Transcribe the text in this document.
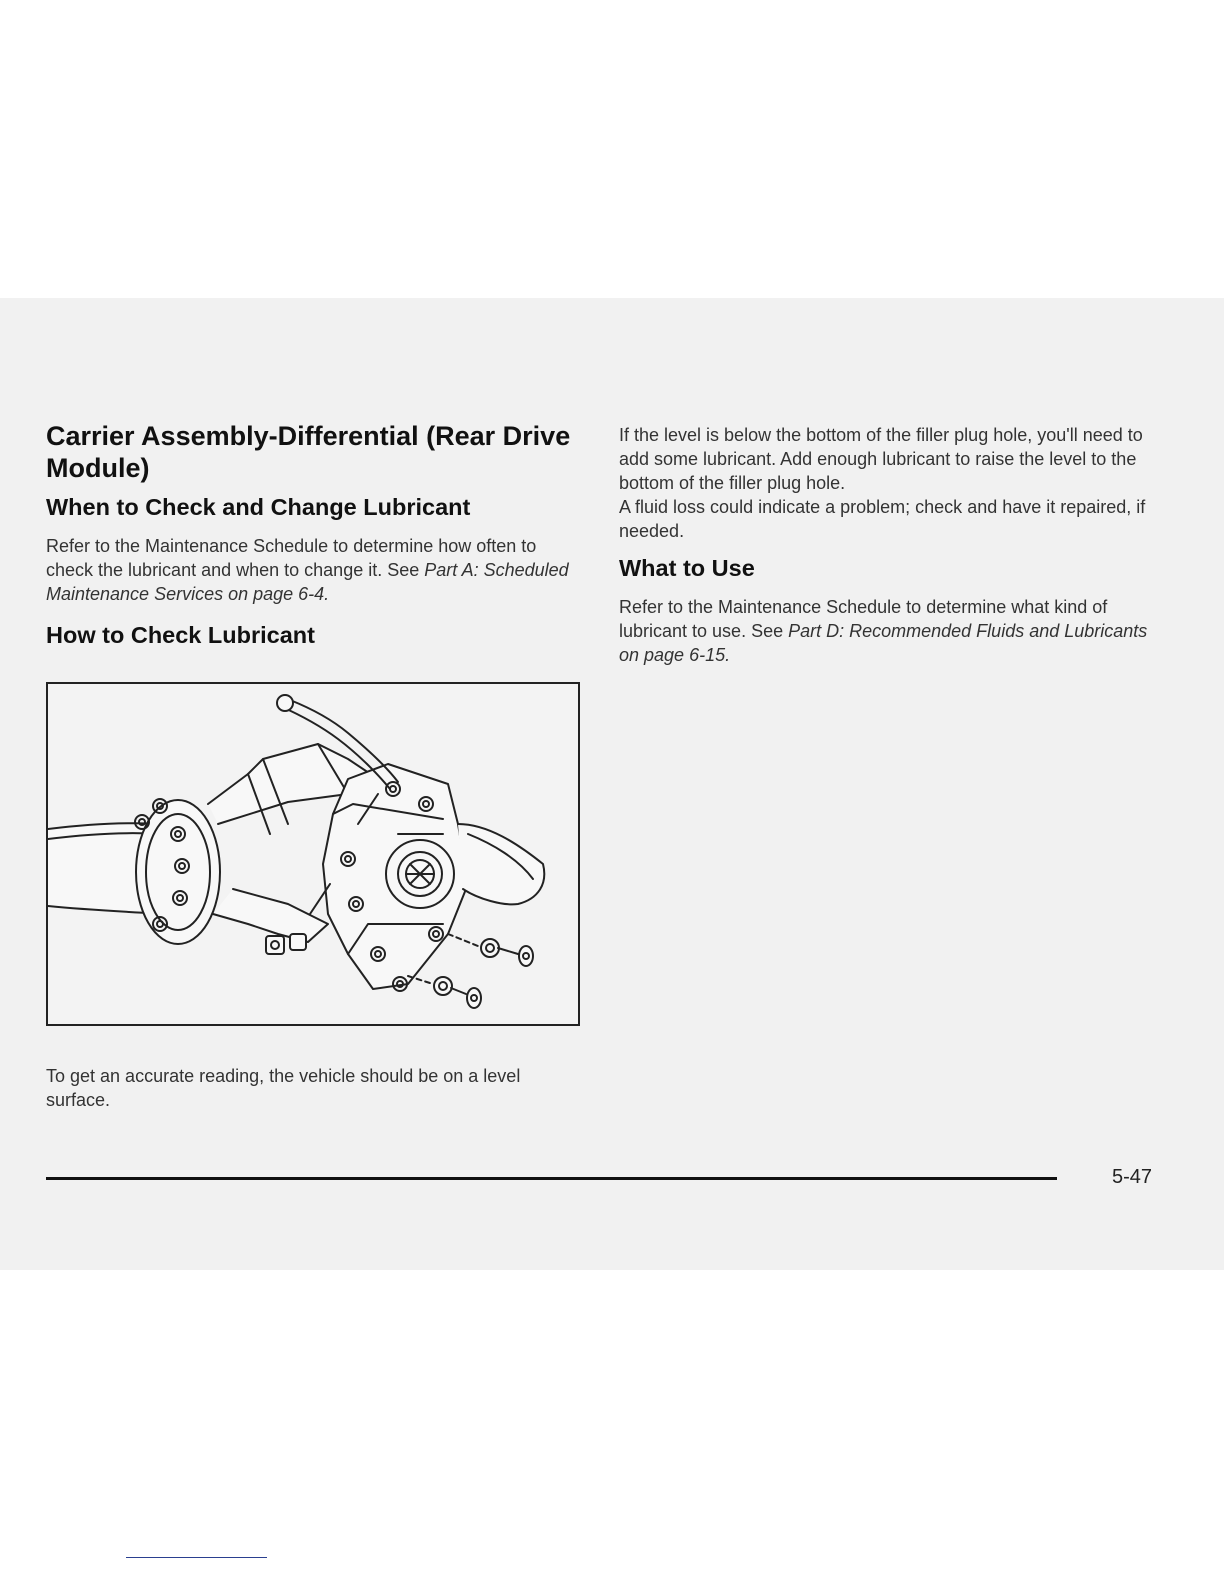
Carrier Assembly-Differential (Rear Drive Module)
When to Check and Change Lubricant

Refer to the Maintenance Schedule to determine how often to check the lubricant and when to change it. See Part A: Scheduled Maintenance Services on page 6-4.

How to Check Lubricant

To get an accurate reading, the vehicle should be on a level surface.

If the level is below the bottom of the filler plug hole, you'll need to add some lubricant. Add enough lubricant to raise the level to the bottom of the filler plug hole.

A fluid loss could indicate a problem; check and have it repaired, if needed.

What to Use

Refer to the Maintenance Schedule to determine what kind of lubricant to use. See Part D: Recommended Fluids and Lubricants on page 6-15.

5-47
